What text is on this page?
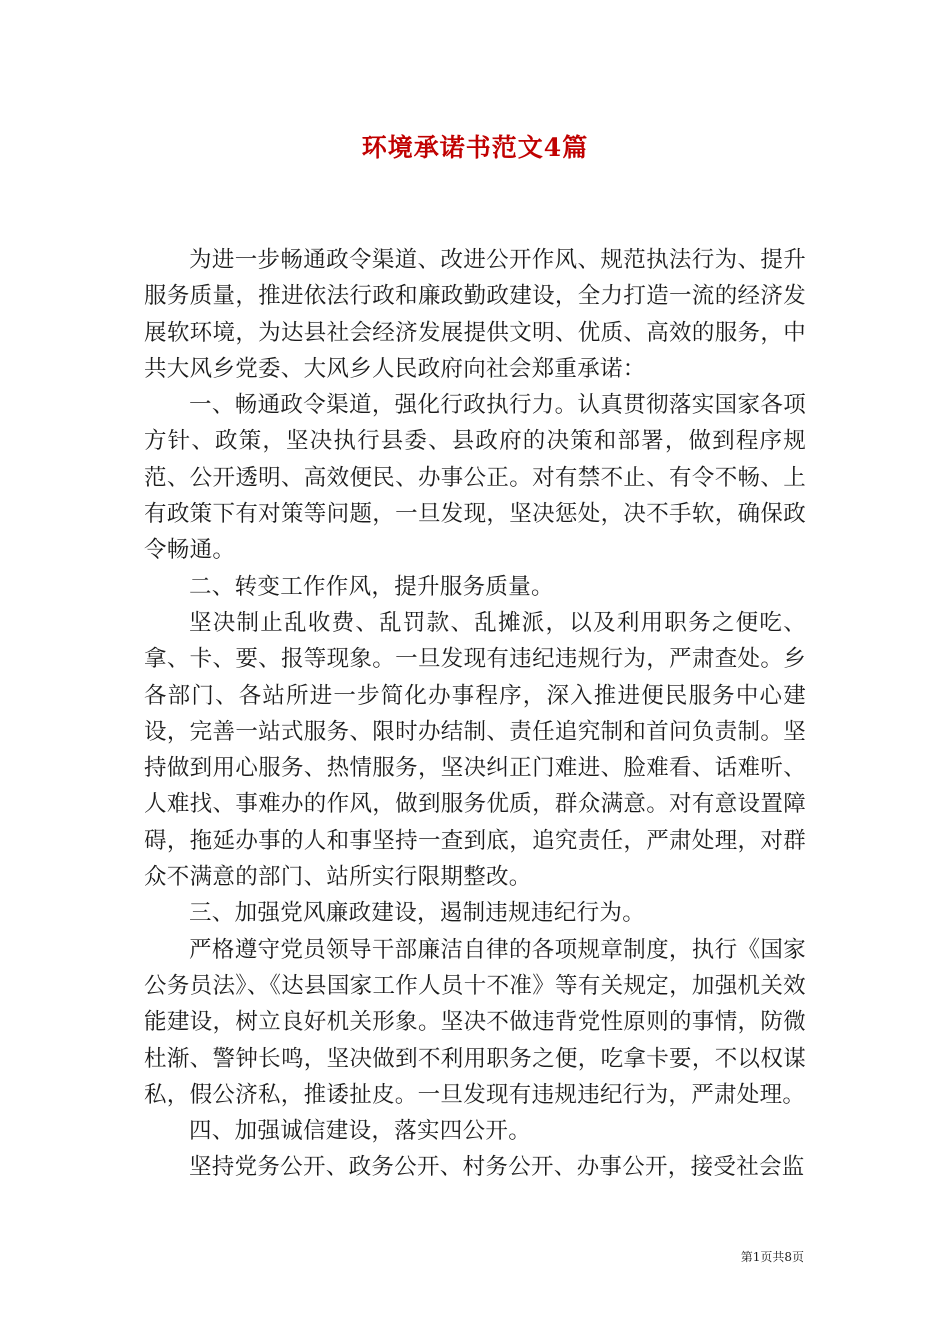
环境承诺书范文4篇

为进一步畅通政令渠道、改进公开作风、规范执法行为、提升服务质量，推进依法行政和廉政勤政建设，全力打造一流的经济发展软环境，为达县社会经济发展提供文明、优质、高效的服务，中共大风乡党委、大风乡人民政府向社会郑重承诺：

一、畅通政令渠道，强化行政执行力。认真贯彻落实国家各项方针、政策，坚决执行县委、县政府的决策和部署，做到程序规范、公开透明、高效便民、办事公正。对有禁不止、有令不畅、上有政策下有对策等问题，一旦发现，坚决惩处，决不手软，确保政令畅通。

二、转变工作作风，提升服务质量。

坚决制止乱收费、乱罚款、乱摊派，以及利用职务之便吃、拿、卡、要、报等现象。一旦发现有违纪违规行为，严肃查处。乡各部门、各站所进一步简化办事程序，深入推进便民服务中心建设，完善一站式服务、限时办结制、责任追究制和首问负责制。坚持做到用心服务、热情服务，坚决纠正门难进、脸难看、话难听、人难找、事难办的作风，做到服务优质，群众满意。对有意设置障碍，拖延办事的人和事坚持一查到底，追究责任，严肃处理，对群众不满意的部门、站所实行限期整改。

三、加强党风廉政建设，遏制违规违纪行为。

严格遵守党员领导干部廉洁自律的各项规章制度，执行《国家公务员法》、《达县国家工作人员十不准》等有关规定，加强机关效能建设，树立良好机关形象。坚决不做违背党性原则的事情，防微杜渐、警钟长鸣，坚决做到不利用职务之便，吃拿卡要，不以权谋私，假公济私，推诿扯皮。一旦发现有违规违纪行为，严肃处理。

四、加强诚信建设，落实四公开。

坚持党务公开、政务公开、村务公开、办事公开，接受社会监

第1页共8页
